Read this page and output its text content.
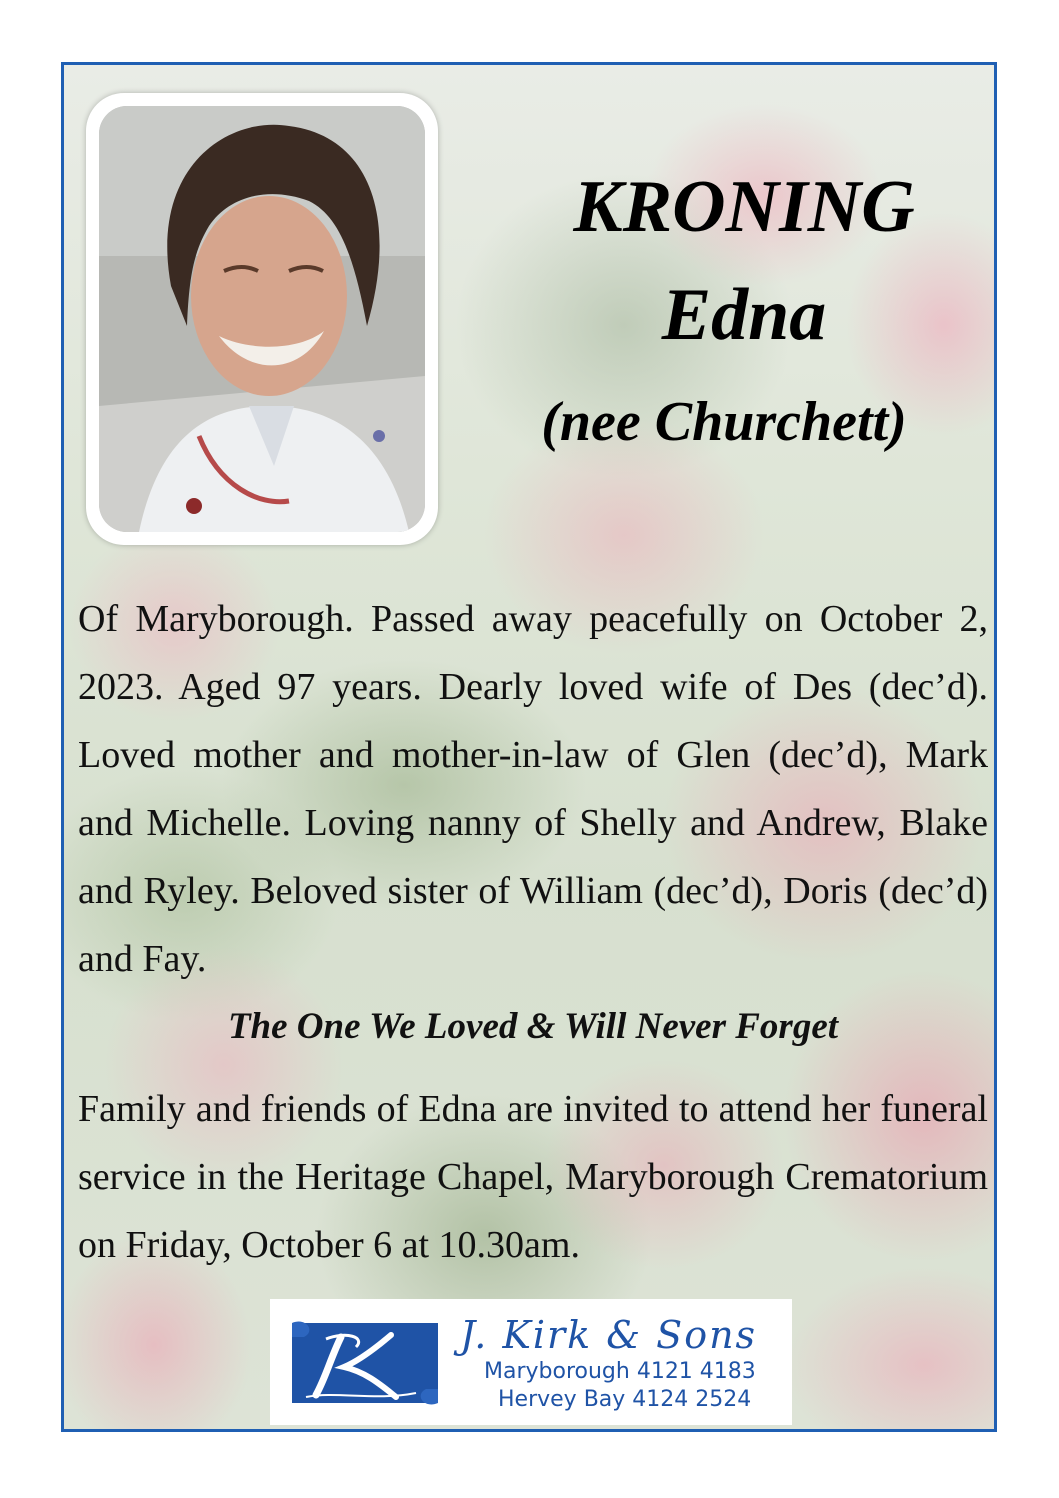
KRONING
Edna
(nee Churchett)
Of Maryborough. Passed away peacefully on October 2, 2023. Aged 97 years. Dearly loved wife of Des (dec’d). Loved mother and mother-in-law of Glen (dec’d), Mark and Michelle. Loving nanny of Shelly and Andrew, Blake and Ryley. Beloved sister of William (dec’d), Doris (dec’d) and Fay.
The One We Loved & Will Never Forget
Family and friends of Edna are invited to attend her funeral service in the Heritage Chapel, Maryborough Crematorium on Friday, October 6 at 10.30am.
J. Kirk & Sons
Maryborough 4121 4183
Hervey Bay 4124 2524
